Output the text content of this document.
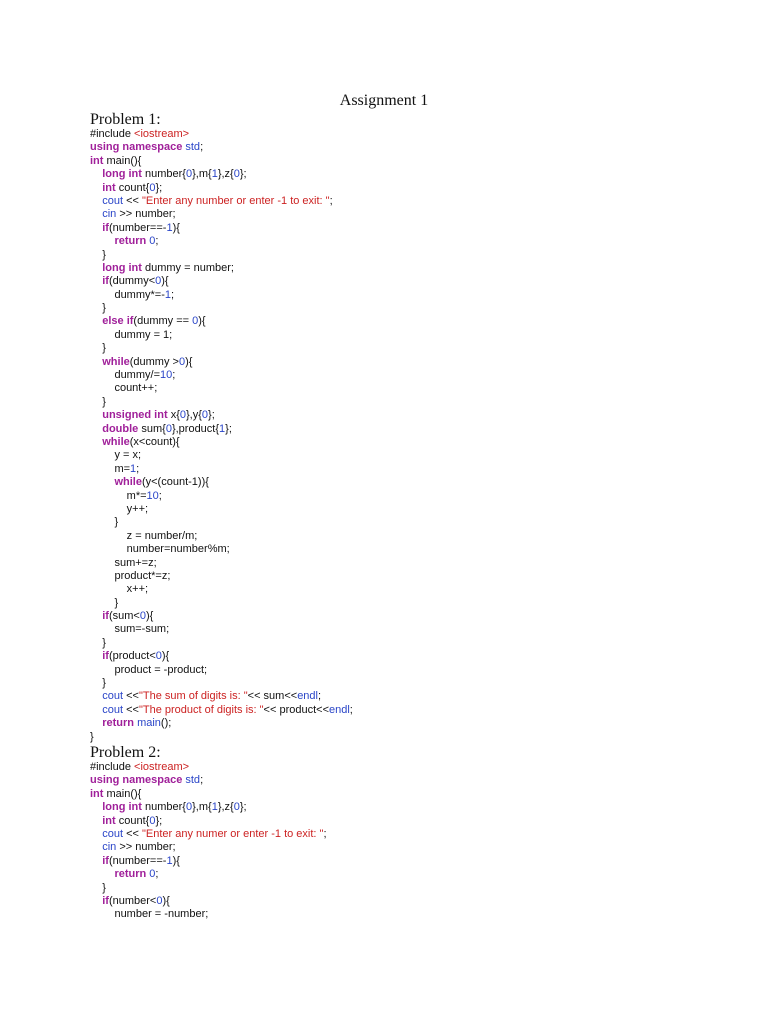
Assignment 1
Problem 1:
#include <iostream>
using namespace std;
int main(){
long int number{0},m{1},z{0};
int count{0};
cout << "Enter any number or enter -1 to exit: ";
cin >> number;
if(number==-1){
return 0;
}
long int dummy = number;
if(dummy<0){
dummy*=-1;
}
else if(dummy == 0){
dummy = 1;
}
while(dummy >0){
dummy/=10;
count++;
}
unsigned int x{0},y{0};
double sum{0},product{1};
while(x<count){
y = x;
m=1;
while(y<(count-1)){
m*=10;
y++;
}
z = number/m;
number=number%m;
sum+=z;
product*=z;
x++;
}
if(sum<0){
sum=-sum;
}
if(product<0){
product = -product;
}
cout <<"The sum of digits is: "<< sum<<endl;
cout <<"The product of digits is: "<< product<<endl;
return main();
}
Problem 2:
#include <iostream>
using namespace std;
int main(){
long int number{0},m{1},z{0};
int count{0};
cout << "Enter any numer or enter -1 to exit: ";
cin >> number;
if(number==-1){
return 0;
}
if(number<0){
number = -number;
